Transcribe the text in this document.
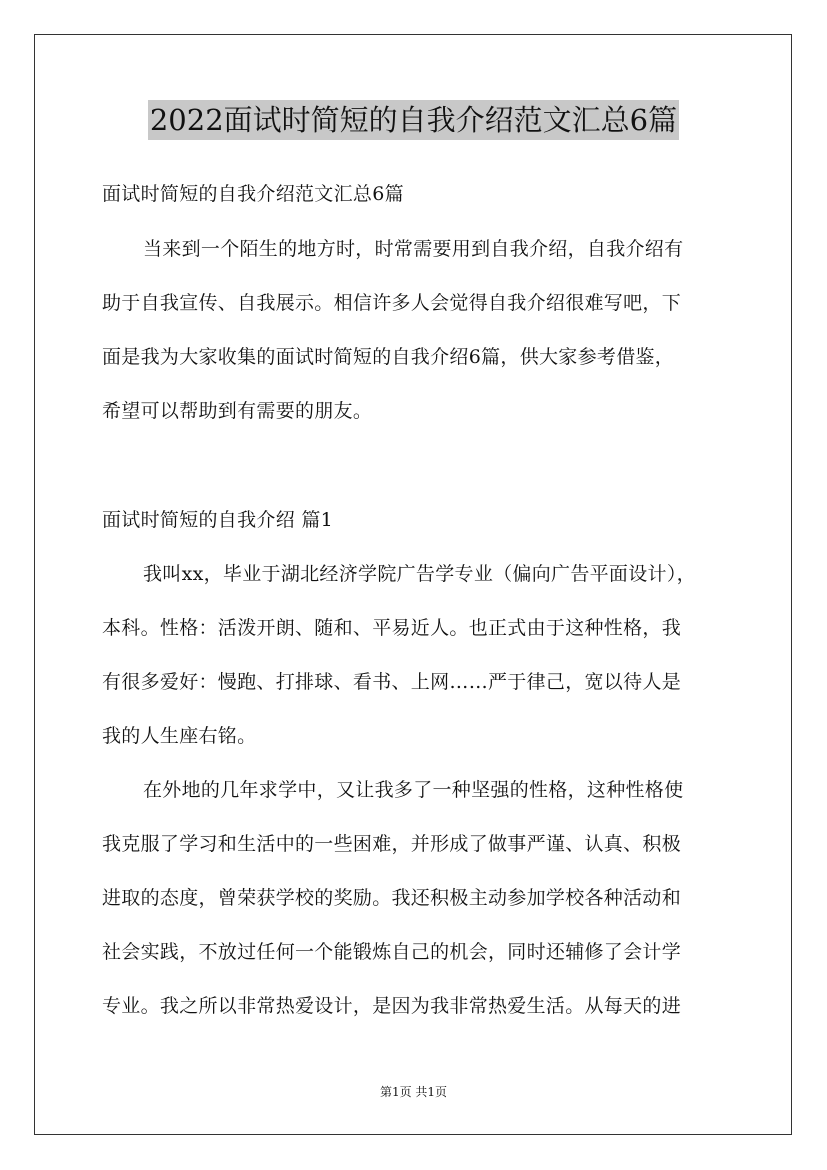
2022面试时简短的自我介绍范文汇总6篇
面试时简短的自我介绍范文汇总6篇
当来到一个陌生的地方时，时常需要用到自我介绍，自我介绍有
助于自我宣传、自我展示。相信许多人会觉得自我介绍很难写吧，下
面是我为大家收集的面试时简短的自我介绍6篇，供大家参考借鉴，
希望可以帮助到有需要的朋友。
面试时简短的自我介绍 篇1
我叫xx，毕业于湖北经济学院广告学专业（偏向广告平面设计），
本科。性格：活泼开朗、随和、平易近人。也正式由于这种性格，我
有很多爱好：慢跑、打排球、看书、上网……严于律己，宽以待人是
我的人生座右铭。
在外地的几年求学中，又让我多了一种坚强的性格，这种性格使
我克服了学习和生活中的一些困难，并形成了做事严谨、认真、积极
进取的态度，曾荣获学校的奖励。我还积极主动参加学校各种活动和
社会实践，不放过任何一个能锻炼自己的机会，同时还辅修了会计学
专业。我之所以非常热爱设计，是因为我非常热爱生活。从每天的进
第1页 共1页
